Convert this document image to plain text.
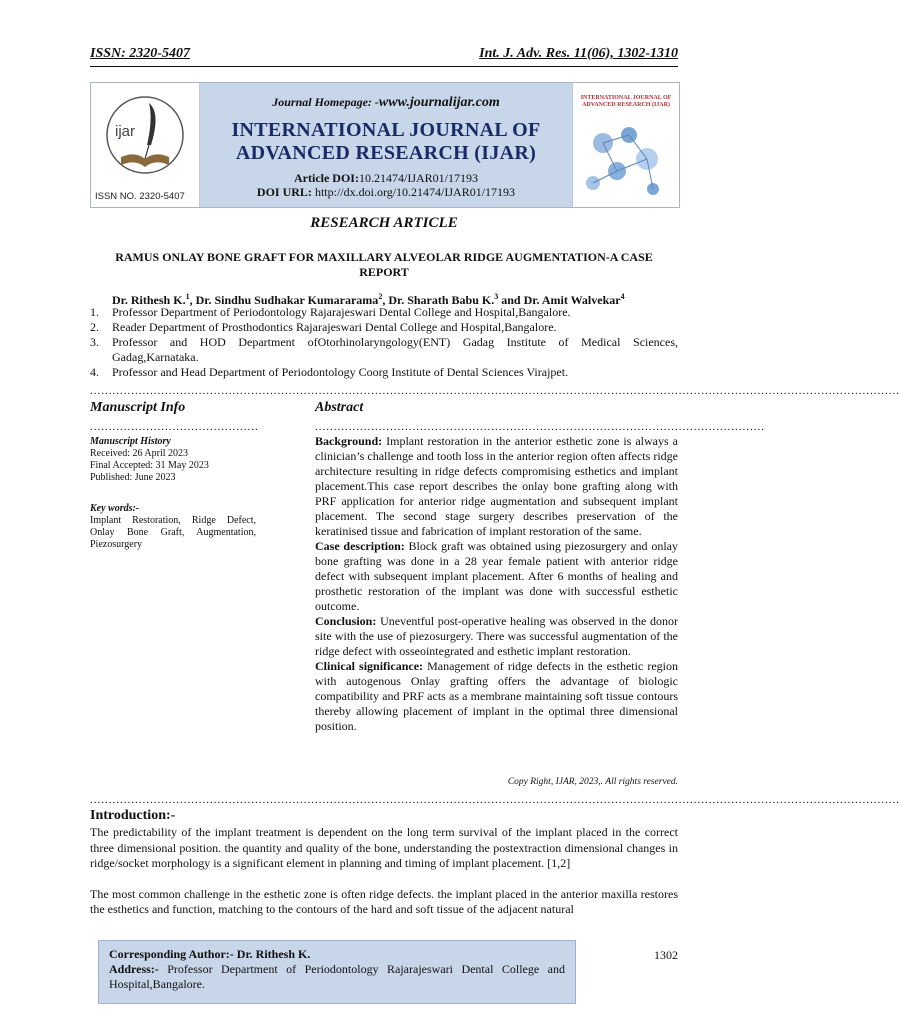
ISSN: 2320-5407	Int. J. Adv. Res. 11(06), 1302-1310
ijar
ISSN NO. 2320-5407
Journal Homepage: -www.journalijar.com
INTERNATIONAL JOURNAL OF
ADVANCED RESEARCH (IJAR)
Article DOI:10.21474/IJAR01/17193
DOI URL: http://dx.doi.org/10.21474/IJAR01/17193
INTERNATIONAL JOURNAL OF ADVANCED RESEARCH (IJAR)
RESEARCH ARTICLE
RAMUS ONLAY BONE GRAFT FOR MAXILLARY ALVEOLAR RIDGE AUGMENTATION-A CASE
REPORT
Dr. Rithesh K.$^1$, Dr. Sindhu Sudhakar Kumararama$^2$, Dr. Sharath Babu K.$^3$ and Dr. Amit Walvekar$^4$
1. Professor Department of Periodontology Rajarajeswari Dental College and Hospital,Bangalore.
2. Reader Department of Prosthodontics Rajarajeswari Dental College and Hospital,Bangalore.
3. Professor and HOD Department ofOtorhinolaryngology(ENT) Gadag Institute of Medical Sciences, Gadag,Karnataka.
4. Professor and Head Department of Periodontology Coorg Institute of Dental Sciences Virajpet.
........................................................................................................................................................................................................................
Manuscript Info
.............................................
Manuscript History
Received: 26 April 2023
Final Accepted: 31 May 2023
Published: June 2023
Key words:-
Implant Restoration, Ridge Defect, Onlay Bone Graft, Augmentation, Piezosurgery
Abstract
........................................................................................................................

Background: Implant restoration in the anterior esthetic zone is always a clinician’s challenge and tooth loss in the anterior region often affects ridge architecture resulting in ridge defects compromising esthetics and implant placement.This case report describes the onlay bone grafting along with PRF application for anterior ridge augmentation and subsequent implant placement. The second stage surgery describes preservation of the keratinised tissue and fabrication of implant restoration of the same.

Case description: Block graft was obtained using piezosurgery and onlay bone grafting was done in a 28 year female patient with anterior ridge defect with subsequent implant placement. After 6 months of healing and prosthetic restoration of the implant was done with successful esthetic outcome.

Conclusion: Uneventful post-operative healing was observed in the donor site with the use of piezosurgery. There was successful augmentation of the ridge defect with osseointegrated and esthetic implant restoration.

Clinical significance: Management of ridge defects in the esthetic region with autogenous Onlay grafting offers the advantage of biologic compatibility and PRF acts as a membrane maintaining soft tissue contours thereby allowing placement of implant in the optimal three dimensional position.

Copy Right, IJAR, 2023,. All rights reserved.
........................................................................................................................................................................................................................
Introduction:-

The predictability of the implant treatment is dependent on the long term survival of the implant placed in the correct three dimensional position. the quantity and quality of the bone, understanding the postextraction dimensional changes in ridge/socket morphology is a significant element in planning and timing of implant placement. [1,2]

The most common challenge in the esthetic zone is often ridge defects. the implant placed in the anterior maxilla restores the esthetics and function, matching to the contours of the hard and soft tissue of the adjacent natural

Corresponding Author:- Dr. Rithesh K.
Address:- Professor Department of Periodontology Rajarajeswari Dental College and Hospital,Bangalore.
1302
